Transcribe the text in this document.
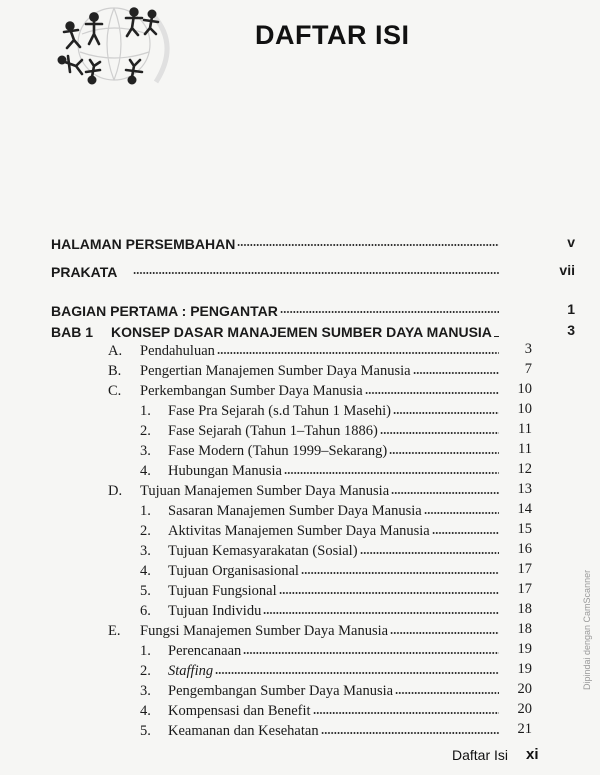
DAFTAR ISI
HALAMAN PERSEMBAHAN	v
PRAKATA	vii
BAGIAN PERTAMA : PENGANTAR	1
BAB 1	KONSEP DASAR MANAJEMEN SUMBER DAYA MANUSIA	3
A.	Pendahuluan	3
B.	Pengertian Manajemen Sumber Daya Manusia	7
C.	Perkembangan Sumber Daya Manusia	10
1.	Fase Pra Sejarah (s.d Tahun 1 Masehi)	10
2.	Fase Sejarah (Tahun 1–Tahun 1886)	11
3.	Fase Modern (Tahun 1999–Sekarang)	11
4.	Hubungan Manusia	12
D.	Tujuan Manajemen Sumber Daya Manusia	13
1.	Sasaran Manajemen Sumber Daya Manusia	14
2.	Aktivitas Manajemen Sumber Daya Manusia	15
3.	Tujuan Kemasyarakatan (Sosial)	16
4.	Tujuan Organisasional	17
5.	Tujuan Fungsional	17
6.	Tujuan Individu	18
E.	Fungsi Manajemen Sumber Daya Manusia	18
1.	Perencanaan	19
2.	Staffing	19
3.	Pengembangan Sumber Daya Manusia	20
4.	Kompensasi dan Benefit	20
5.	Keamanan dan Kesehatan	21
Daftar Isi xi
Dipindai dengan CamScanner
